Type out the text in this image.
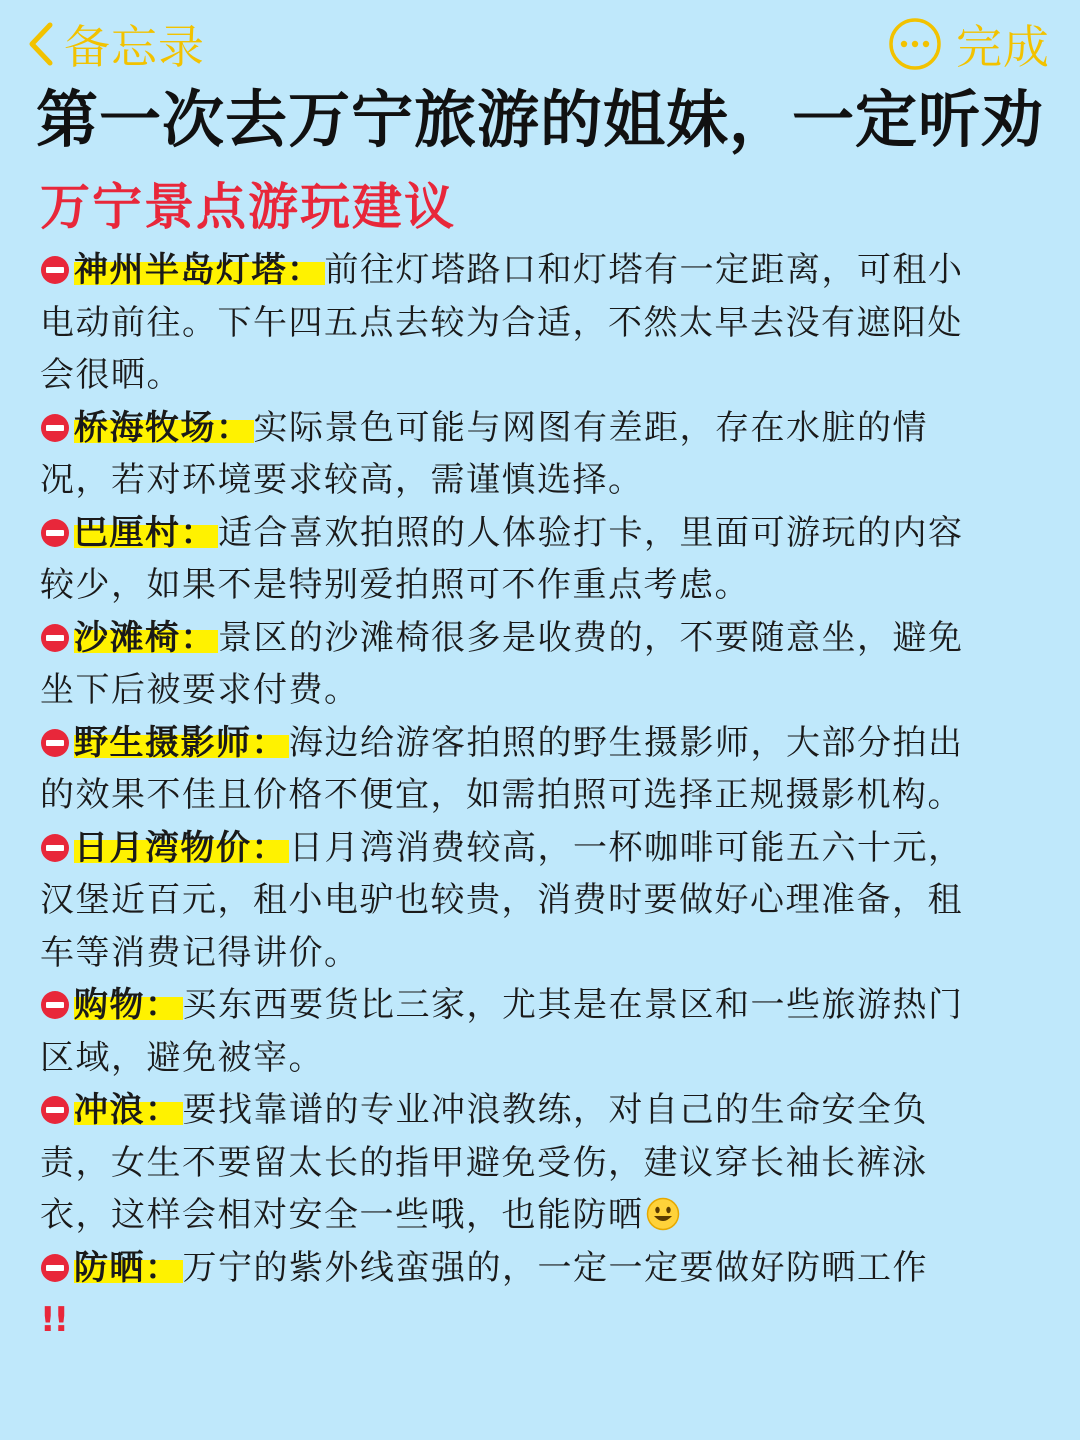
备忘录	完成
第一次去万宁旅游的姐妹，一定听劝
万宁景点游玩建议

神州半岛灯塔：前往灯塔路口和灯塔有一定距离，可租小电动前往。下午四五点去较为合适，不然太早去没有遮阳处会很晒。

桥海牧场：实际景色可能与网图有差距，存在水脏的情况，若对环境要求较高，需谨慎选择。

巴厘村：适合喜欢拍照的人体验打卡，里面可游玩的内容较少，如果不是特别爱拍照可不作重点考虑。

沙滩椅：景区的沙滩椅很多是收费的，不要随意坐，避免坐下后被要求付费。

野生摄影师：海边给游客拍照的野生摄影师，大部分拍出的效果不佳且价格不便宜，如需拍照可选择正规摄影机构。

日月湾物价：日月湾消费较高，一杯咖啡可能五六十元，汉堡近百元，租小电驴也较贵，消费时要做好心理准备，租车等消费记得讲价。

购物：买东西要货比三家，尤其是在景区和一些旅游热门区域，避免被宰。

冲浪：要找靠谱的专业冲浪教练，对自己的生命安全负责，女生不要留太长的指甲避免受伤，建议穿长袖长裤泳衣，这样会相对安全一些哦，也能防晒

防晒：万宁的紫外线蛮强的，一定一定要做好防晒工作
!!
